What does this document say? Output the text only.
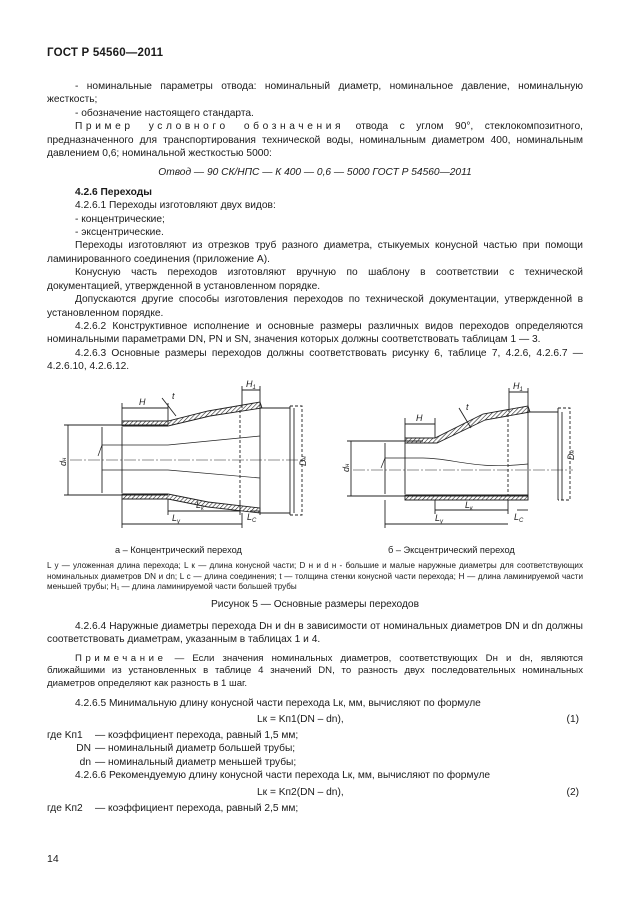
ГОСТ Р 54560—2011

- номинальные параметры отвода: номинальный диаметр, номинальное давление, номинальную жесткость;

- обозначение настоящего стандарта.

Пример условного обозначения отвода с углом 90°, стеклокомпозитного, предназначенного для транспортирования технической воды, номинальным диаметром 400, номинальным давлением 0,6; номинальной жесткостью 5000:

Отвод — 90 СК/НПС — К 400 — 0,6 — 5000 ГОСТ Р 54560—2011

4.2.6 Переходы

4.2.6.1 Переходы изготовляют двух видов:

- концентрические;

- эксцентрические.

Переходы изготовляют из отрезков труб разного диаметра, стыкуемых конусной частью при помощи ламинированного соединения (приложение А).

Конусную часть переходов изготовляют вручную по шаблону в соответствии с технической документацией, утвержденной в установленном порядке.

Допускаются другие способы изготовления переходов по технической документации, утвержденной в установленном порядке.

4.2.6.2 Конструктивное исполнение и основные размеры различных видов переходов определяются номинальными параметрами DN, PN и SN, значения которых должны соответствовать таблицам 1 — 3.

4.2.6.3 Основные размеры переходов должны соответствовать рисунку 6, таблице 7, 4.2.6, 4.2.6.7 — 4.2.6.10, 4.2.6.12.

H
$H_1$
t
dн
Dн
$L_к$
$L_у$	$L_С$
H
$H_1$
t
dн
Dн
$L_к$
$L_у$	$L_С$
а – Концентрический переход	б – Эксцентрический переход
L у — уложенная длина перехода; L к — длина конусной части; D н и d н - большие и малые наружные диаметры для соответствующих номинальных диаметров DN и dn; L с — длина соединения; t — толщина стенки конусной части перехода; H — длина ламинируемой части меньшей трубы; H₁ — длина ламинируемой части большей трубы

Рисунок 5 — Основные размеры переходов

4.2.6.4 Наружные диаметры перехода Dн и dн в зависимости от номинальных диаметров DN и dn должны соответствовать диаметрам, указанным в таблицах 1 и 4.

Примечание — Если значения номинальных диаметров, соответствующих Dн и dн, являются ближайшими из установленных в таблице 4 значений DN, то разность двух последовательных номинальных диаметров определяют как разность в 1 шаг.

4.2.6.5 Минимальную длину конусной части перехода Lк, мм, вычисляют по формуле

Lк = Kп1(DN – dn),	(1)
где Kп1 — коэффициент перехода, равный 1,5 мм;
DN — номинальный диаметр большей трубы;
dn — номинальный диаметр меньшей трубы;

4.2.6.6 Рекомендуемую длину конусной части перехода Lк, мм, вычисляют по формуле

Lк = Kп2(DN – dn),	(2)
где Kп2 — коэффициент перехода, равный 2,5 мм;
14
